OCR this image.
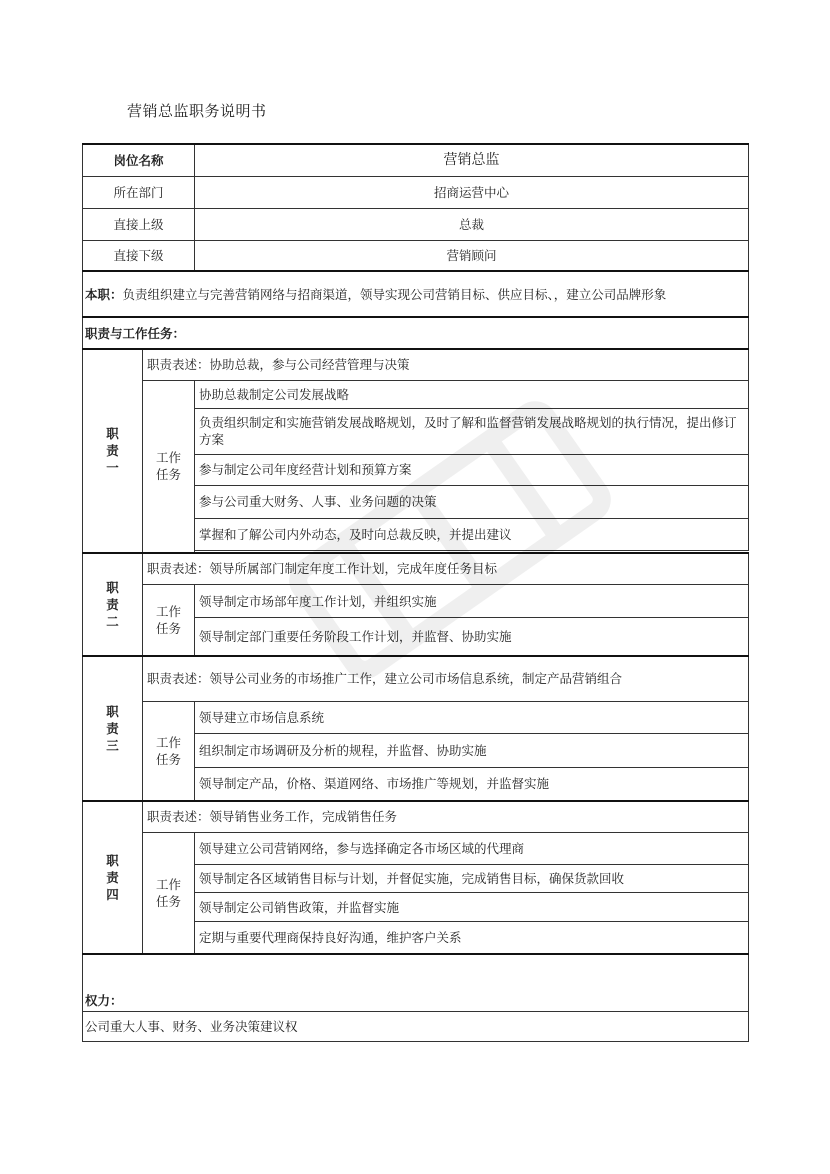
营销总监职务说明书
岗位名称		营销总监
所在部门		招商运营中心
直接上级		总裁
直接下级		营销顾问
本职：负责组织建立与完善营销网络与招商渠道，领导实现公司营销目标、供应目标、，建立公司品牌形象		
职责与工作任务：		

职
责
一	职责表述：协助总裁，参与公司经营管理与决策	

	工作
任务	协助总裁制定公司发展战略
		负责组织制定和实施营销发展战略规划，及时了解和监督营销发展战略规划的执行情况，提出修订方案
		参与制定公司年度经营计划和预算方案
		参与公司重大财务、人事、业务问题的决策
		掌握和了解公司内外动态，及时向总裁反映，并提出建议

职
责
二	职责表述：领导所属部门制定年度工作计划，完成年度任务目标	

	工作
任务	领导制定市场部年度工作计划，并组织实施
		领导制定部门重要任务阶段工作计划，并监督、协助实施

职
责
三	职责表述：领导公司业务的市场推广工作，建立公司市场信息系统，制定产品营销组合	

	工作
任务	领导建立市场信息系统
		组织制定市场调研及分析的规程，并监督、协助实施
		领导制定产品，价格、渠道网络、市场推广等规划，并监督实施

职
责
四	职责表述：领导销售业务工作，完成销售任务	

	工作
任务	领导建立公司营销网络，参与选择确定各市场区域的代理商
		领导制定各区域销售目标与计划，并督促实施，完成销售目标，确保货款回收
		领导制定公司销售政策，并监督实施
		定期与重要代理商保持良好沟通，维护客户关系
权力：		
公司重大人事、财务、业务决策建议权		
